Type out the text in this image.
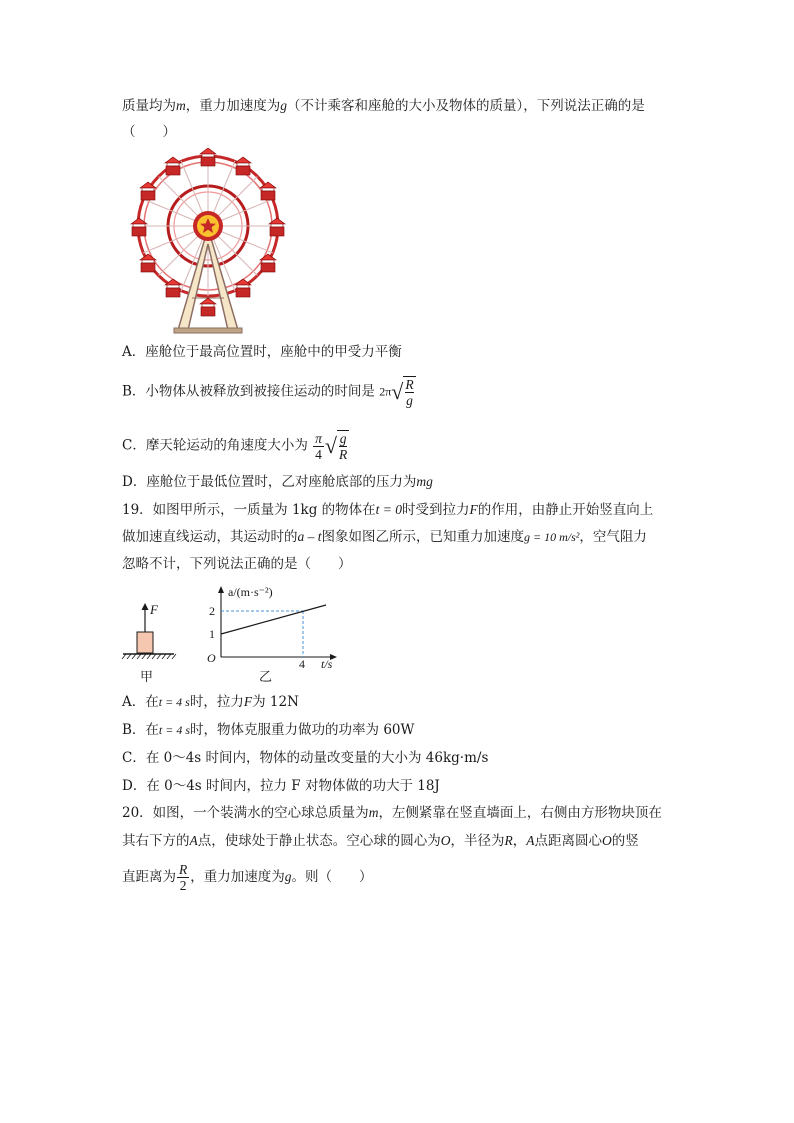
质量均为m，重力加速度为g（不计乘客和座舱的大小及物体的质量），下列说法正确的是
（　　）
A．座舱位于最高位置时，座舱中的甲受力平衡
B．小物体从被释放到被接住运动的时间是 $2\pi√ \frac{R}{g}$
C．摩天轮运动的角速度大小为 $\frac{\pi}{4}$ √ $\frac{g}{R}$
D．座舱位于最低位置时，乙对座舱底部的压力为mg
19．如图甲所示，一质量为 1kg 的物体在t = 0时受到拉力F的作用，由静止开始竖直向上
做加速直线运动，其运动时的a – t图象如图乙所示，已知重力加速度g = 10 m/s²，空气阻力
忽略不计，下列说法正确的是（　　）
F
甲
a/(m·s⁻²)
t/s
O
2
1
4
乙
A．在t = 4 s时，拉力F为 12N
B．在t = 4 s时，物体克服重力做功的功率为 60W
C．在 0～4s 时间内，物体的动量改变量的大小为 46kg·m/s
D．在 0～4s 时间内，拉力 F 对物体做的功大于 18J
20．如图，一个装满水的空心球总质量为m，左侧紧靠在竖直墙面上，右侧由方形物块顶在
其右下方的A点，使球处于静止状态。空心球的圆心为O，半径为R，A点距离圆心O的竖
直距离为 $\frac{R}{2}$ ，重力加速度为g。则（　　）
